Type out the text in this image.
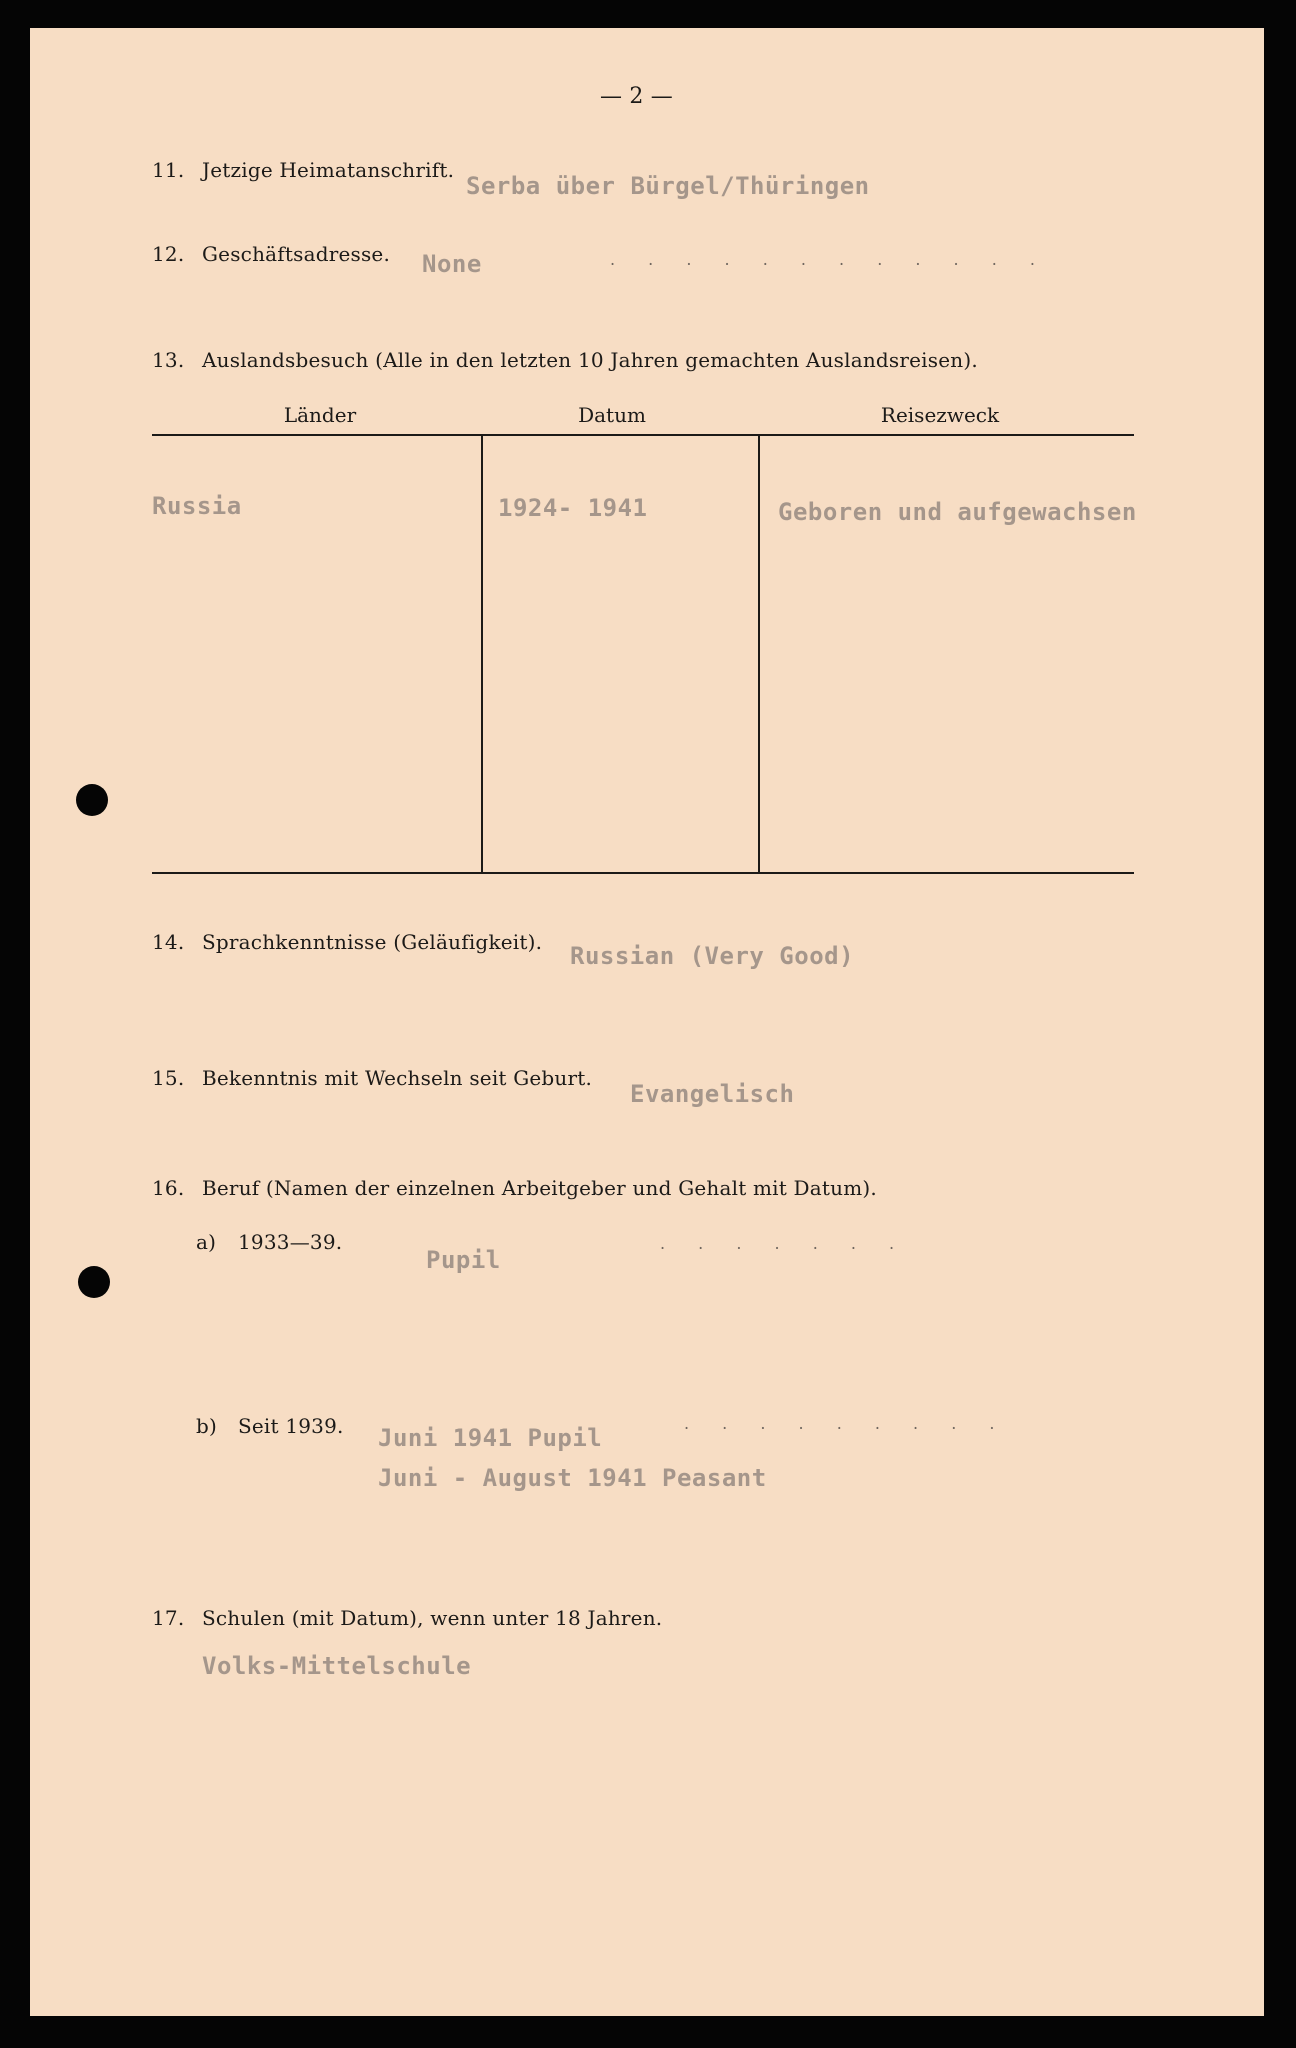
— 2 —
11. Jetzige Heimatanschrift.
Serba über Bürgel/Thüringen
12. Geschäftsadresse. None	. . . . . . . . . . . .
13. Auslandsbesuch (Alle in den letzten 10 Jahren gemachten Auslandsreisen).
Länder	Datum	Reisezweck
Russia	1924- 1941	Geboren und aufgewachsen
14. Sprachkenntnisse (Geläufigkeit). Russian (Very Good)
15. Bekenntnis mit Wechseln seit Geburt.
Evangelisch
16. Beruf (Namen der einzelnen Arbeitgeber und Gehalt mit Datum).
a) 1933—39.
Pupil
. . . . . . .
b) Seit 1939. Juni 1941 Pupil
Juni - August 1941 Peasant
. . . . . . . . .
17. Schulen (mit Datum), wenn unter 18 Jahren.
Volks-Mittelschule
